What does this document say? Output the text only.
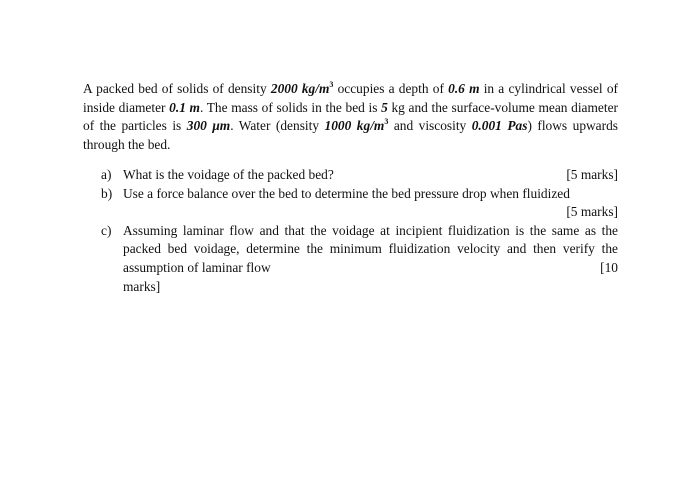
A packed bed of solids of density 2000 $kg/m^3$ occupies a depth of 0.6 m in a cylindrical vessel of inside diameter 0.1 m. The mass of solids in the bed is 5 kg and the surface-volume mean diameter of the particles is 300 μm. Water (density 1000 $kg/m^3$ and viscosity 0.001 Pas) flows upwards through the bed.
a) What is the voidage of the packed bed?	[5 marks]
b) Use a force balance over the bed to determine the bed pressure drop when fluidized
[5 marks]
c) Assuming laminar flow and that the voidage at incipient fluidization is the same as the packed bed voidage, determine the minimum fluidization velocity and then verify the
assumption of laminar flow	[10
marks]
